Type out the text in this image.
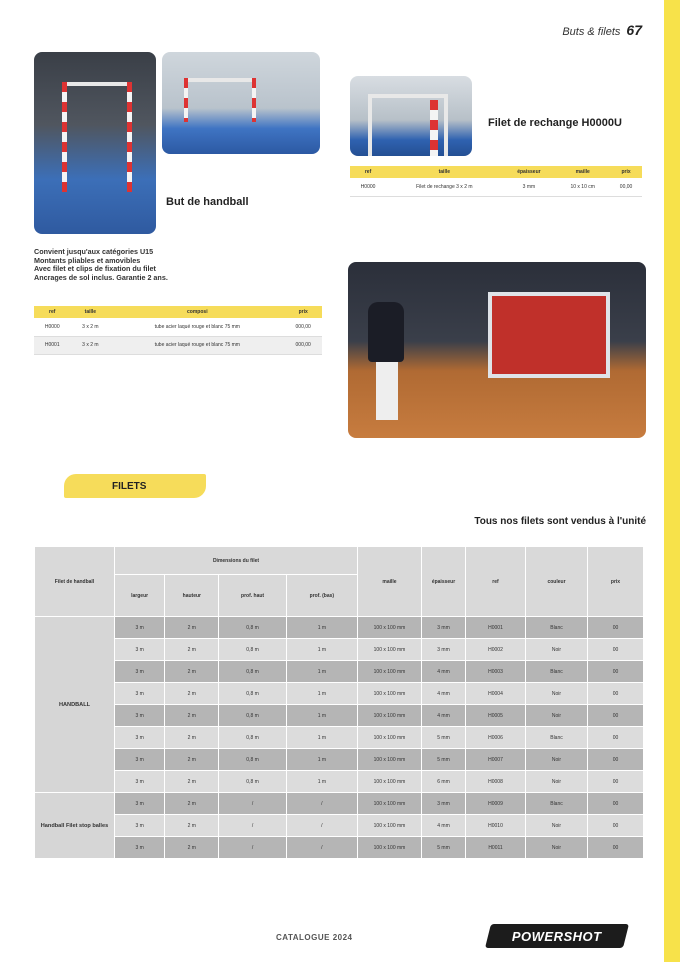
Buts & filets 67
But de handball
Convient jusqu'aux catégories U15
Montants pliables et amovibles
Avec filet et clips de fixation du filet
Ancrages de sol inclus. Garantie 2 ans.
ref	taille	composi	prix
H0000	3 x 2 m	tube acier laqué rouge et blanc 75 mm	000,00
H0001	3 x 2 m	tube acier laqué rouge et blanc 75 mm	000,00
Filet de rechange H0000U
ref	taille	épaisseur	maille	prix
H0000	Filet de rechange 3 x 2 m	3 mm	10 x 10 cm	00,00
FILETS
Tous nos filets sont vendus à l'unité
Filet de handball	Dimensions du filet				maille	épaisseur	ref	couleur	prix
	largeur	hauteur	prof. haut	prof. (bas)					
HANDBALL	3 m	2 m	0,8 m	1 m	100 x 100 mm	3 mm	H0001	Blanc	00
	3 m	2 m	0,8 m	1 m	100 x 100 mm	3 mm	H0002	Noir	00
	3 m	2 m	0,8 m	1 m	100 x 100 mm	4 mm	H0003	Blanc	00
	3 m	2 m	0,8 m	1 m	100 x 100 mm	4 mm	H0004	Noir	00
	3 m	2 m	0,8 m	1 m	100 x 100 mm	4 mm	H0005	Noir	00
	3 m	2 m	0,8 m	1 m	100 x 100 mm	5 mm	H0006	Blanc	00
	3 m	2 m	0,8 m	1 m	100 x 100 mm	5 mm	H0007	Noir	00
	3 m	2 m	0,8 m	1 m	100 x 100 mm	6 mm	H0008	Noir	00
Handball Filet stop balles	3 m	2 m	/	/	100 x 100 mm	3 mm	H0009	Blanc	00
	3 m	2 m	/	/	100 x 100 mm	4 mm	H0010	Noir	00
	3 m	2 m	/	/	100 x 100 mm	5 mm	H0011	Noir	00
CATALOGUE 2024	POWERSHOT
